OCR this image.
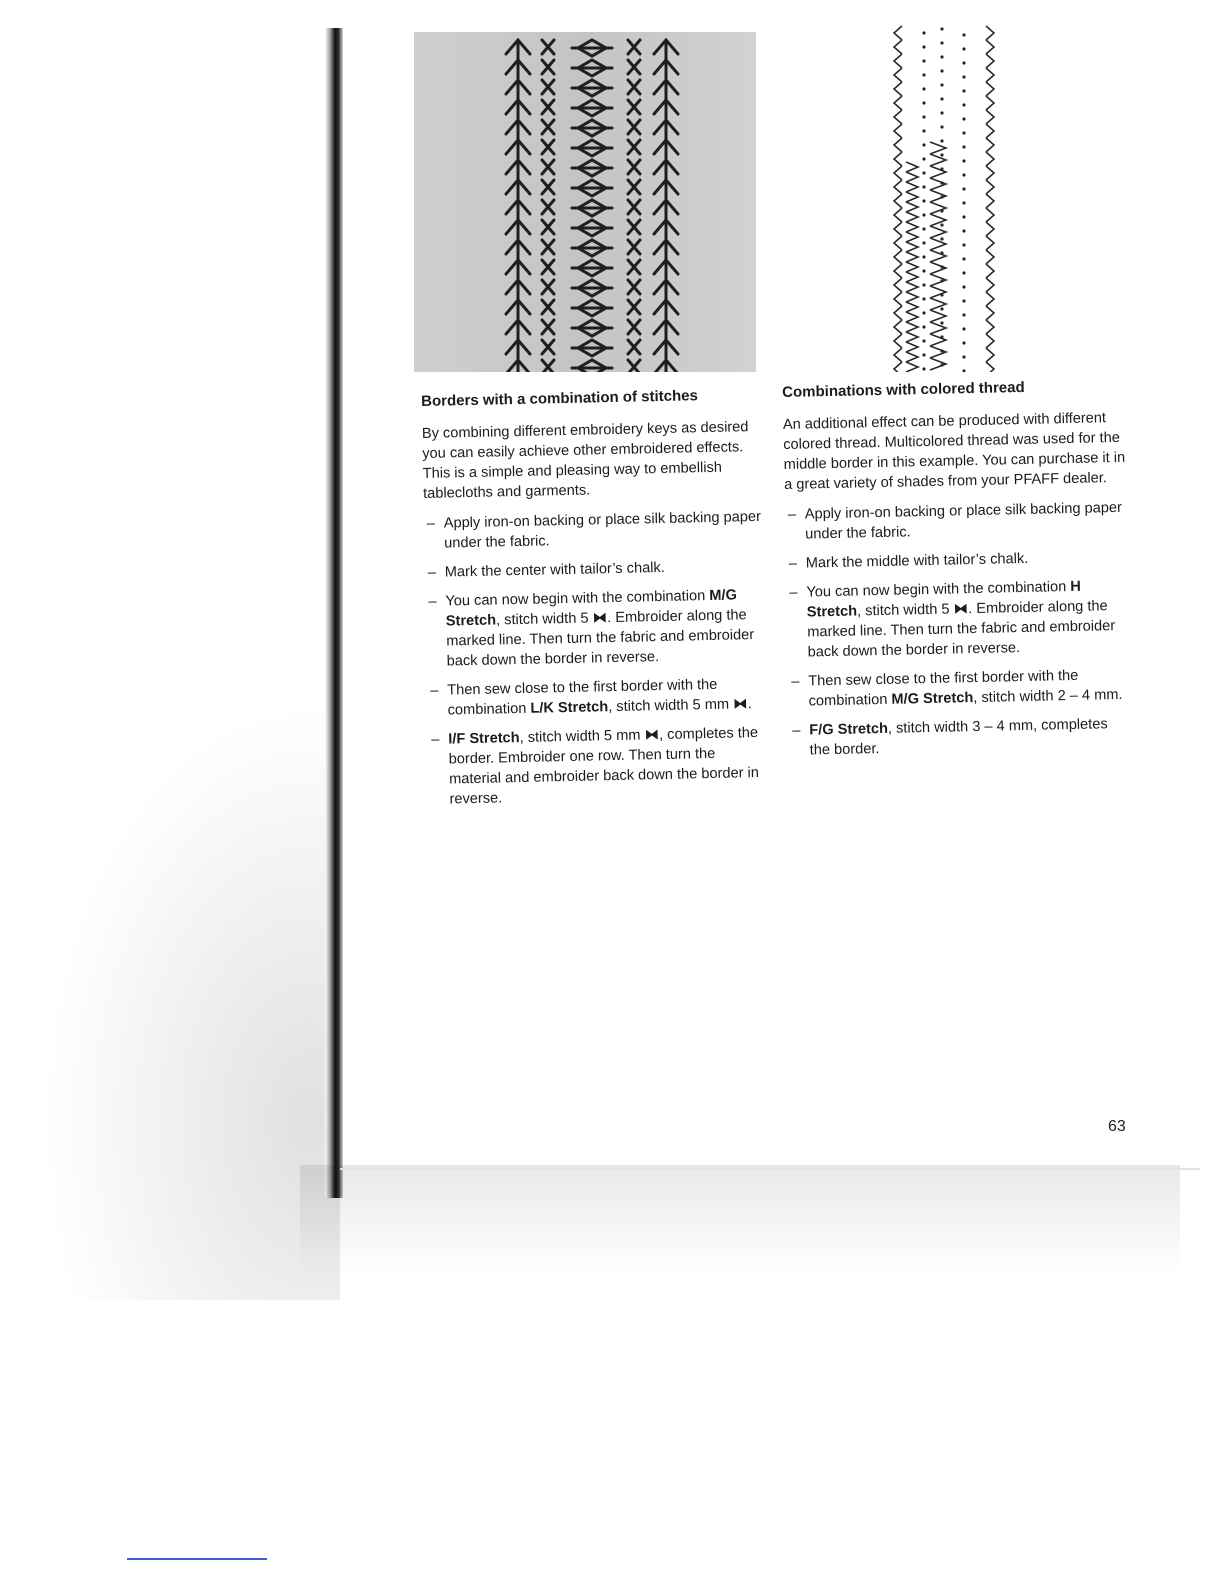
Borders with a combination of stitches
By combining different embroidery keys as desired you can easily achieve other embroidered effects. This is a simple and pleasing way to embellish tablecloths and garments.
– Apply iron-on backing or place silk backing paper under the fabric.
– Mark the center with tailor’s chalk.
– You can now begin with the combination M/G Stretch, stitch width 5 ⧓. Embroider along the marked line. Then turn the fabric and embroider back down the border in reverse.
– Then sew close to the first border with the combination L/K Stretch, stitch width 5 mm ⧓.
– I/F Stretch, stitch width 5 mm ⧓, completes the border. Embroider one row. Then turn the material and embroider back down the border in reverse.
Combinations with colored thread
An additional effect can be produced with different colored thread. Multicolored thread was used for the middle border in this example. You can purchase it in a great variety of shades from your PFAFF dealer.
– Apply iron-on backing or place silk backing paper under the fabric.
– Mark the middle with tailor’s chalk.
– You can now begin with the combination H Stretch, stitch width 5 ⧓. Embroider along the marked line. Then turn the fabric and embroider back down the border in reverse.
– Then sew close to the first border with the combination M/G Stretch, stitch width 2 – 4 mm.
– F/G Stretch, stitch width 3 – 4 mm, completes the border.
63
